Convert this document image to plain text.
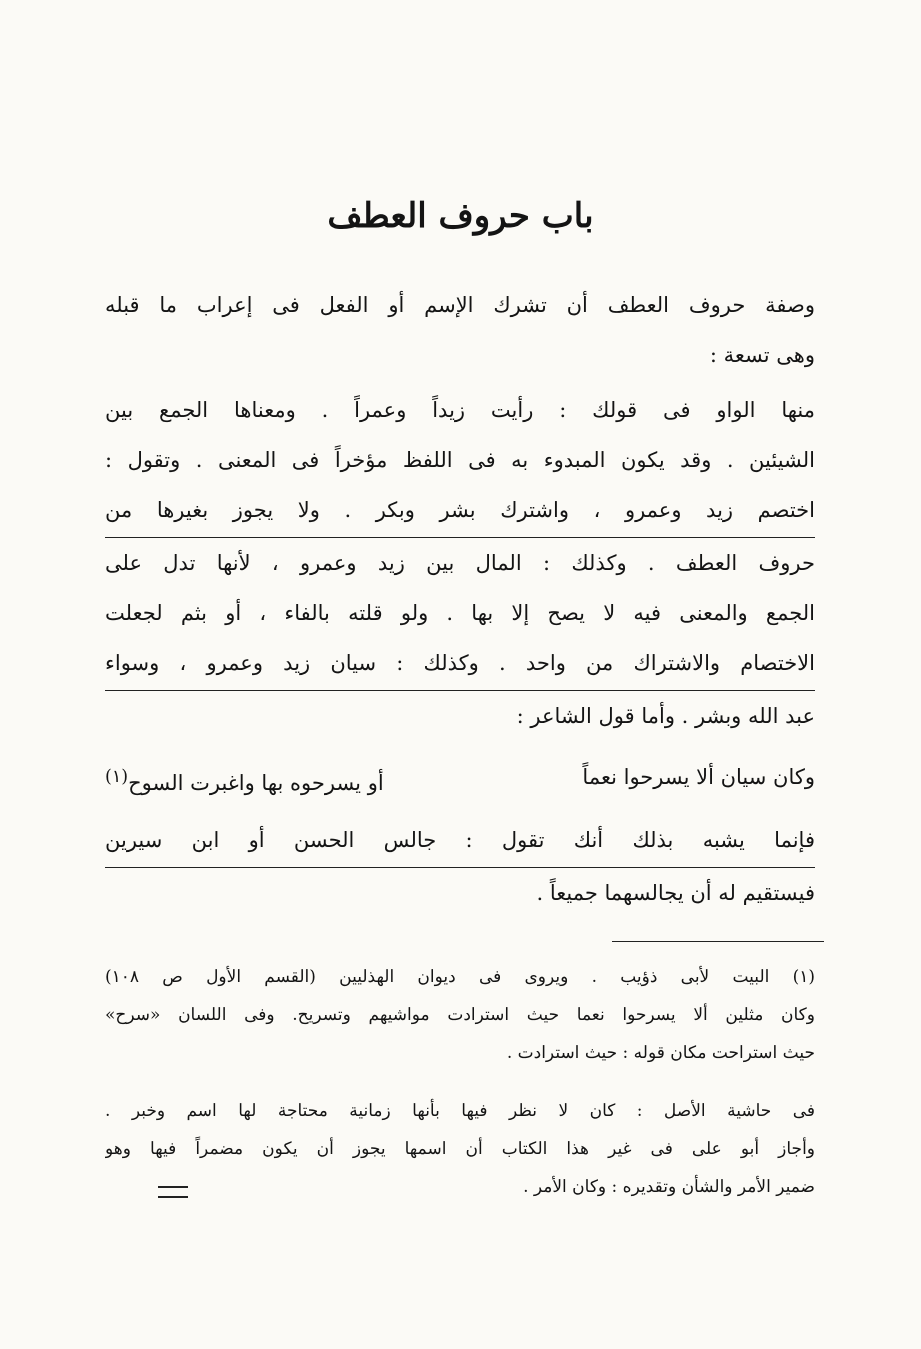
باب حروف العطف
وصفة حروف العطف أن تشرك الإسم أو الفعل فى إعراب ما قبله
وهى تسعة :
منها الواو فى قولك : رأيت زيداً وعمراً . ومعناها الجمع بين
الشيئين . وقد يكون المبدوء به فى اللفظ مؤخراً فى المعنى . وتقول :
اختصم زيد وعمرو ، واشترك بشر وبكر . ولا يجوز بغيرها من
حروف العطف . وكذلك : المال بين زيد وعمرو ، لأنها تدل على
الجمع والمعنى فيه لا يصح إلا بها . ولو قلته بالفاء ، أو بثم لجعلت
الاختصام والاشتراك من واحد . وكذلك : سيان زيد وعمرو ، وسواء
عبد الله وبشر . وأما قول الشاعر :
وكان سيان ألا يسرحوا نعماً
أو يسرحوه بها واغبرت السوح$^{(١)}$
فإنما يشبه بذلك أنك تقول : جالس الحسن أو ابن سيرين
فيستقيم له أن يجالسهما جميعاً .
(١) البيت لأبى ذؤيب . ويروى فى ديوان الهذليين (القسم الأول ص ١٠٨)
وكان مثلين ألا يسرحوا نعما حيث استرادت مواشيهم وتسريح. وفى اللسان «سرح»
حيث استراحت مكان قوله : حيث استرادت .
فى حاشية الأصل : كان لا نظر فيها بأنها زمانية محتاجة لها اسم وخبر .
وأجاز أبو على فى غير هذا الكتاب أن اسمها يجوز أن يكون مضمراً فيها وهو
ضمير الأمر والشأن وتقديره : وكان الأمر .
